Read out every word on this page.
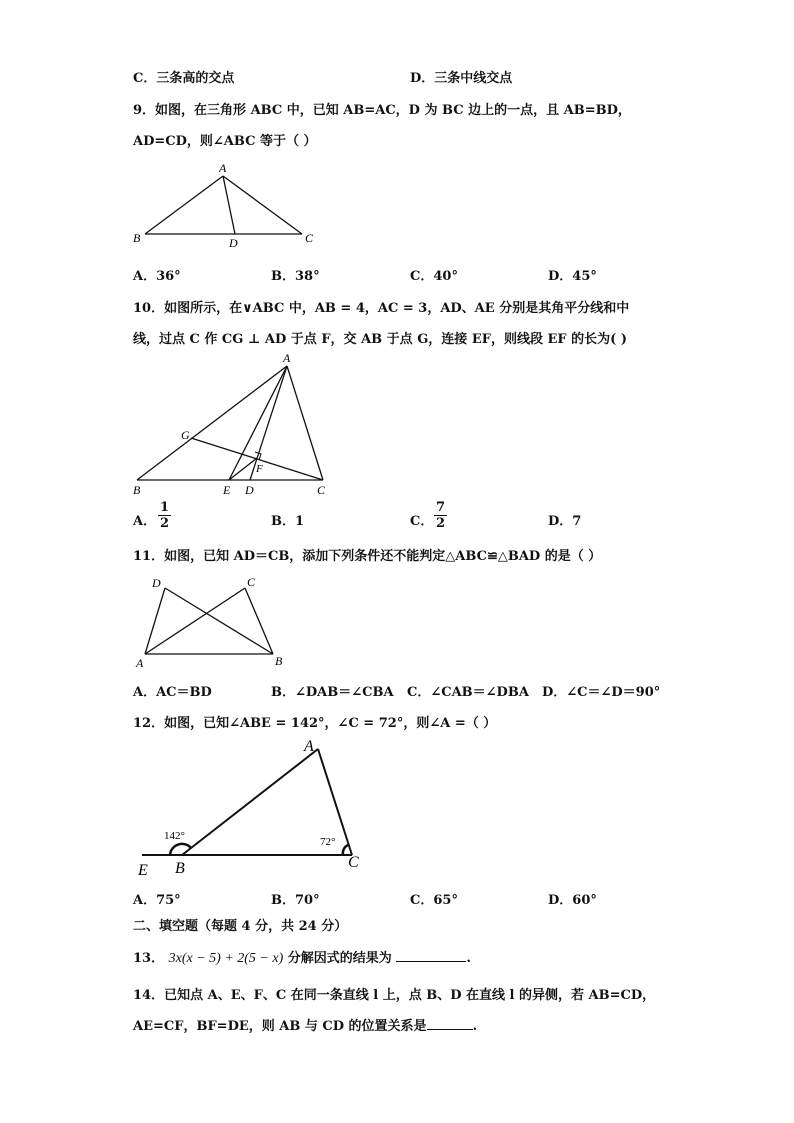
C．三条高的交点	D．三条中线交点
9．如图，在三角形 ABC 中，已知 AB=AC，D 为 BC 边上的一点，且 AB=BD，
AD=CD，则∠ABC 等于（ ）
A
B	C
D
A．36°	B．38°	C．40°	D．45°
10．如图所示，在∨ABC 中，AB = 4，AC = 3，AD、AE 分别是其角平分线和中
线，过点 C 作 CG ⊥ AD 于点 F，交 AB 于点 G，连接 EF，则线段 EF 的长为( )
A
G
F
B	E D	C
A． $\frac{1}{2}$	B．1	C． $\frac{7}{2}$	D．7
11．如图，已知 AD＝CB，添加下列条件还不能判定△ABC≌△BAD 的是（ ）
D	C
A	B
A．AC＝BD	B．∠DAB＝∠CBA C．∠CAB＝∠DBA D．∠C＝∠D＝90°
12．如图，已知∠ABE = 142°，∠C = 72°，则∠A =（ ）
A
B	C
E
142°	72°
A．75°	B．70°	C．65°	D．60°
二、填空题（每题 4 分，共 24 分）
13． 3x(x − 5) + 2(5 − x) 分解因式的结果为	.
14．已知点 A、E、F、C 在同一条直线 l 上，点 B、D 在直线 l 的异侧，若 AB=CD，
AE=CF，BF=DE，则 AB 与 CD 的位置关系是	.
